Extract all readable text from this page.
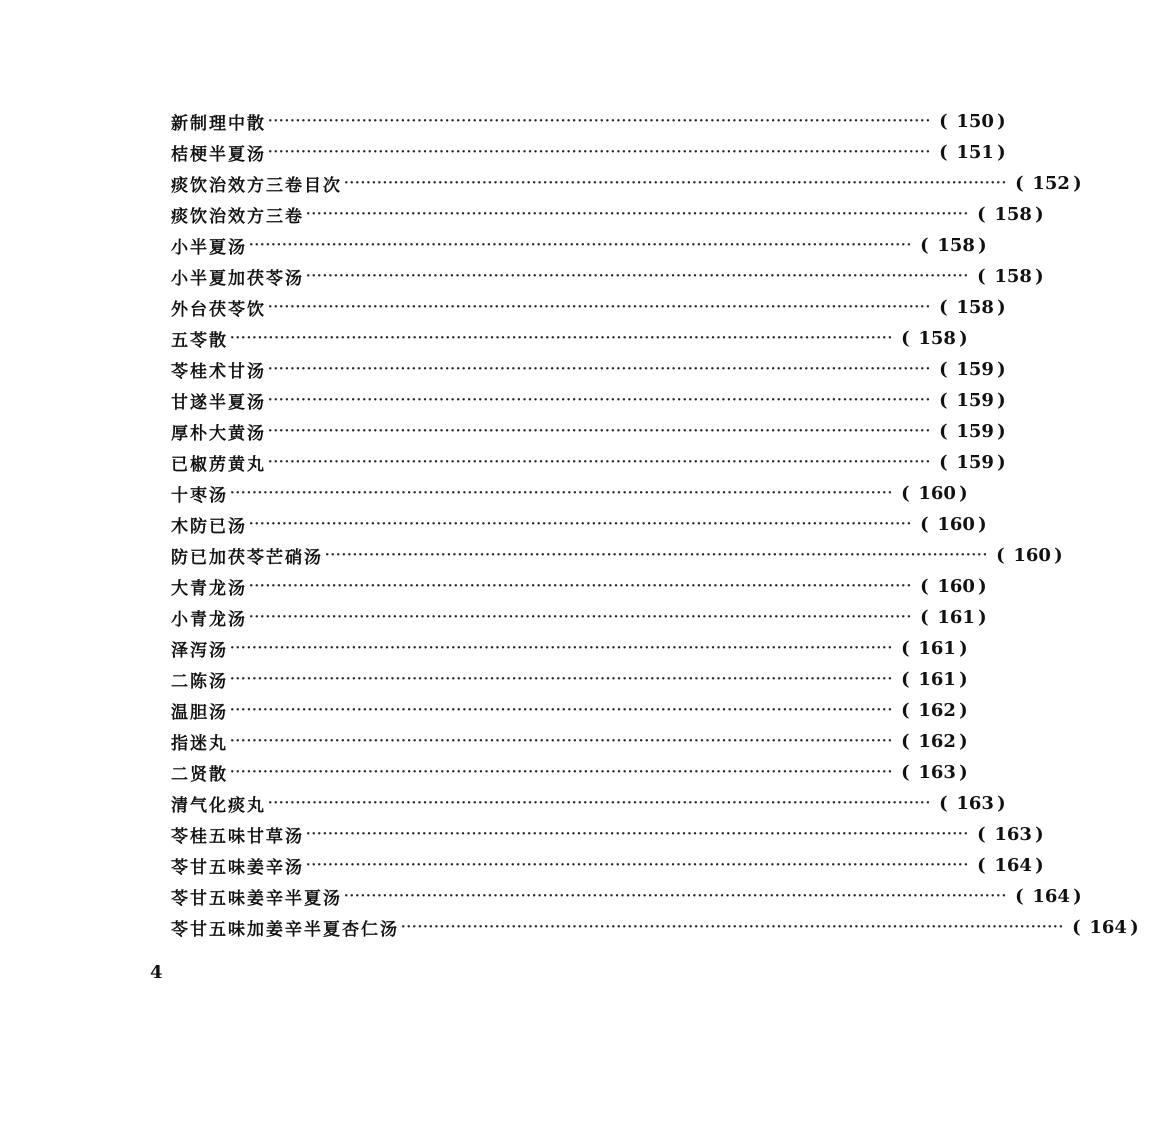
新制理中散 ························································································································ ( 150 )
桔梗半夏汤 ························································································································ ( 151 )
痰饮治效方三卷目次 ························································································································ ( 152 )
痰饮治效方三卷 ························································································································ ( 158 )
小半夏汤 ························································································································ ( 158 )
小半夏加茯苓汤 ························································································································ ( 158 )
外台茯苓饮 ························································································································ ( 158 )
五苓散 ························································································································ ( 158 )
苓桂术甘汤 ························································································································ ( 159 )
甘遂半夏汤 ························································································································ ( 159 )
厚朴大黄汤 ························································································································ ( 159 )
已椒苈黄丸 ························································································································ ( 159 )
十枣汤 ························································································································ ( 160 )
木防已汤 ························································································································ ( 160 )
防已加茯苓芒硝汤 ························································································································ ( 160 )
大青龙汤 ························································································································ ( 160 )
小青龙汤 ························································································································ ( 161 )
泽泻汤 ························································································································ ( 161 )
二陈汤 ························································································································ ( 161 )
温胆汤 ························································································································ ( 162 )
指迷丸 ························································································································ ( 162 )
二贤散 ························································································································ ( 163 )
清气化痰丸 ························································································································ ( 163 )
苓桂五味甘草汤 ························································································································ ( 163 )
苓甘五味姜辛汤 ························································································································ ( 164 )
苓甘五味姜辛半夏汤 ························································································································ ( 164 )
苓甘五味加姜辛半夏杏仁汤 ························································································································ ( 164 )
4
